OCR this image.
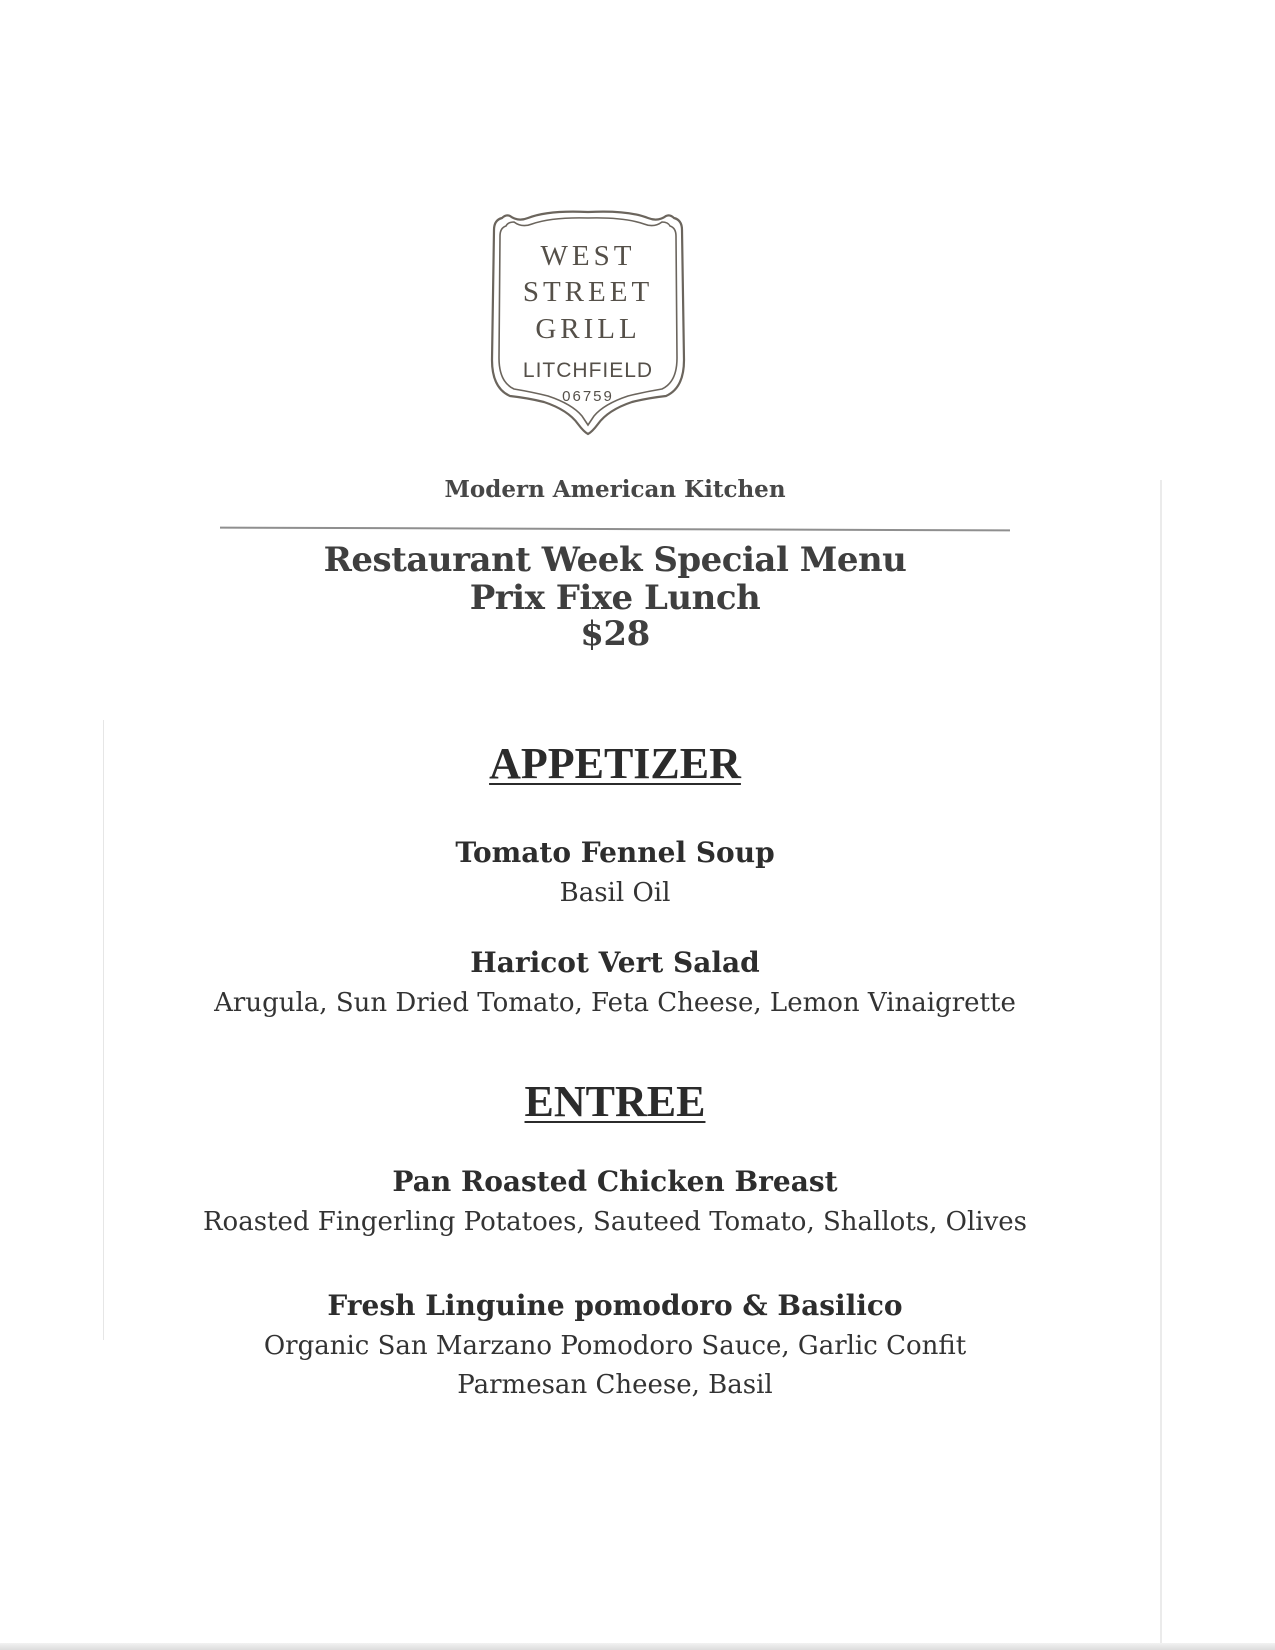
WEST
STREET
GRILL
LITCHFIELD
06759
Modern American Kitchen
Restaurant Week Special Menu
Prix Fixe Lunch
$28
APPETIZER
Tomato Fennel Soup
Basil Oil
Haricot Vert Salad
Arugula, Sun Dried Tomato, Feta Cheese, Lemon Vinaigrette
ENTREE
Pan Roasted Chicken Breast
Roasted Fingerling Potatoes, Sauteed Tomato, Shallots, Olives
Fresh Linguine pomodoro & Basilico
Organic San Marzano Pomodoro Sauce, Garlic Confit
Parmesan Cheese, Basil
